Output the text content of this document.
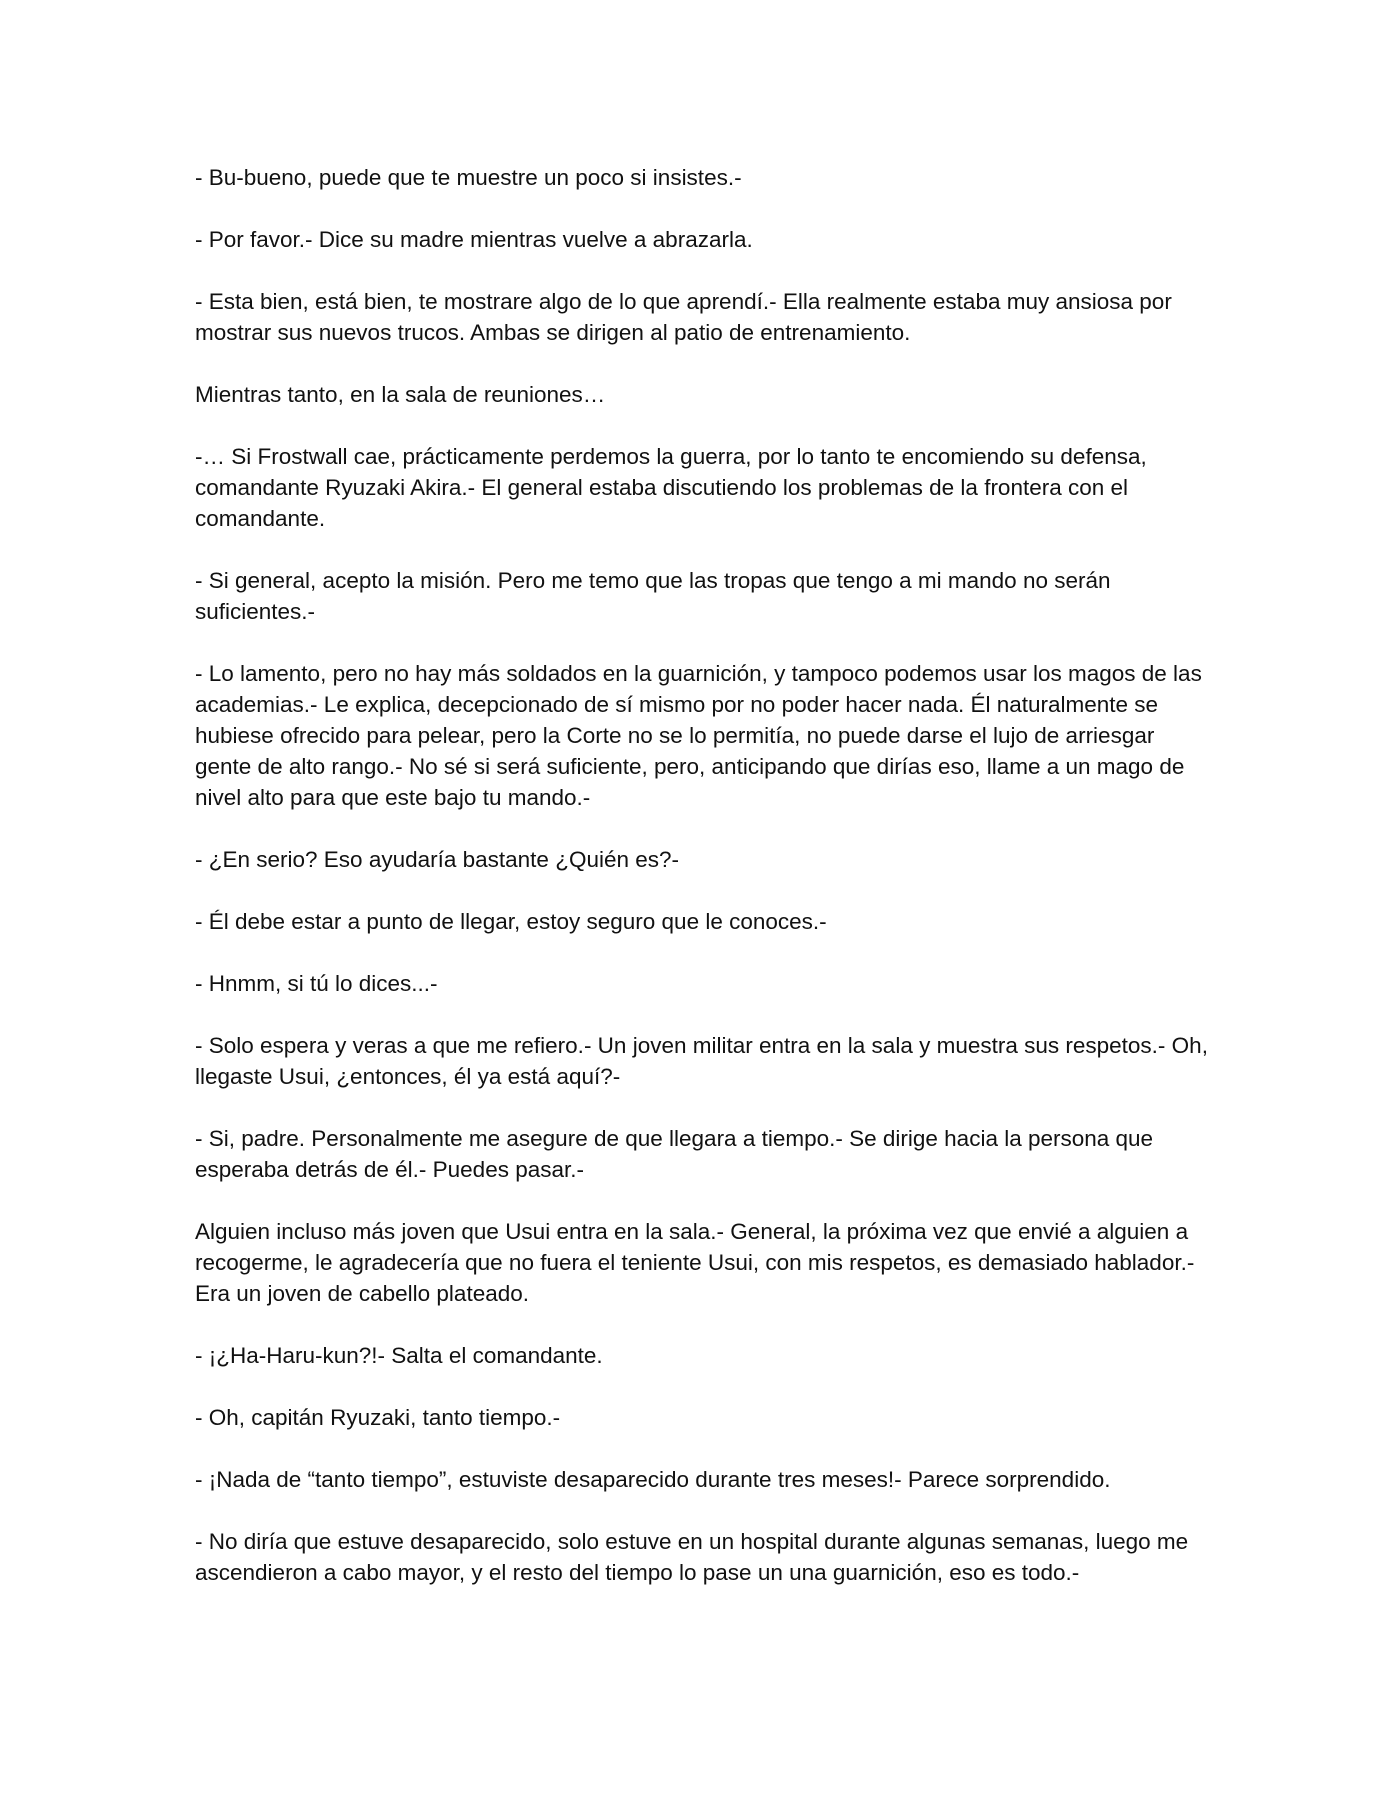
- Bu-bueno, puede que te muestre un poco si insistes.-

- Por favor.- Dice su madre mientras vuelve a abrazarla.

- Esta bien, está bien, te mostrare algo de lo que aprendí.- Ella realmente estaba muy ansiosa por mostrar sus nuevos trucos. Ambas se dirigen al patio de entrenamiento.

Mientras tanto, en la sala de reuniones…

-… Si Frostwall cae, prácticamente perdemos la guerra, por lo tanto te encomiendo su defensa, comandante Ryuzaki Akira.- El general estaba discutiendo los problemas de la frontera con el comandante.

- Si general, acepto la misión. Pero me temo que las tropas que tengo a mi mando no serán suficientes.-

- Lo lamento, pero no hay más soldados en la guarnición, y tampoco podemos usar los magos de las academias.- Le explica, decepcionado de sí mismo por no poder hacer nada. Él naturalmente se hubiese ofrecido para pelear, pero la Corte no se lo permitía, no puede darse el lujo de arriesgar gente de alto rango.- No sé si será suficiente, pero, anticipando que dirías eso, llame a un mago de nivel alto para que este bajo tu mando.-

- ¿En serio? Eso ayudaría bastante ¿Quién es?-

- Él debe estar a punto de llegar, estoy seguro que le conoces.-

- Hnmm, si tú lo dices...-

- Solo espera y veras a que me refiero.- Un joven militar entra en la sala y muestra sus respetos.- Oh, llegaste Usui, ¿entonces, él ya está aquí?-

- Si, padre. Personalmente me asegure de que llegara a tiempo.- Se dirige hacia la persona que esperaba detrás de él.- Puedes pasar.-

Alguien incluso más joven que Usui entra en la sala.- General, la próxima vez que envié a alguien a recogerme, le agradecería que no fuera el teniente Usui, con mis respetos, es demasiado hablador.- Era un joven de cabello plateado.

- ¡¿Ha-Haru-kun?!- Salta el comandante.

- Oh, capitán Ryuzaki, tanto tiempo.-

- ¡Nada de “tanto tiempo”, estuviste desaparecido durante tres meses!- Parece sorprendido.

- No diría que estuve desaparecido, solo estuve en un hospital durante algunas semanas, luego me ascendieron a cabo mayor, y el resto del tiempo lo pase un una guarnición, eso es todo.-
